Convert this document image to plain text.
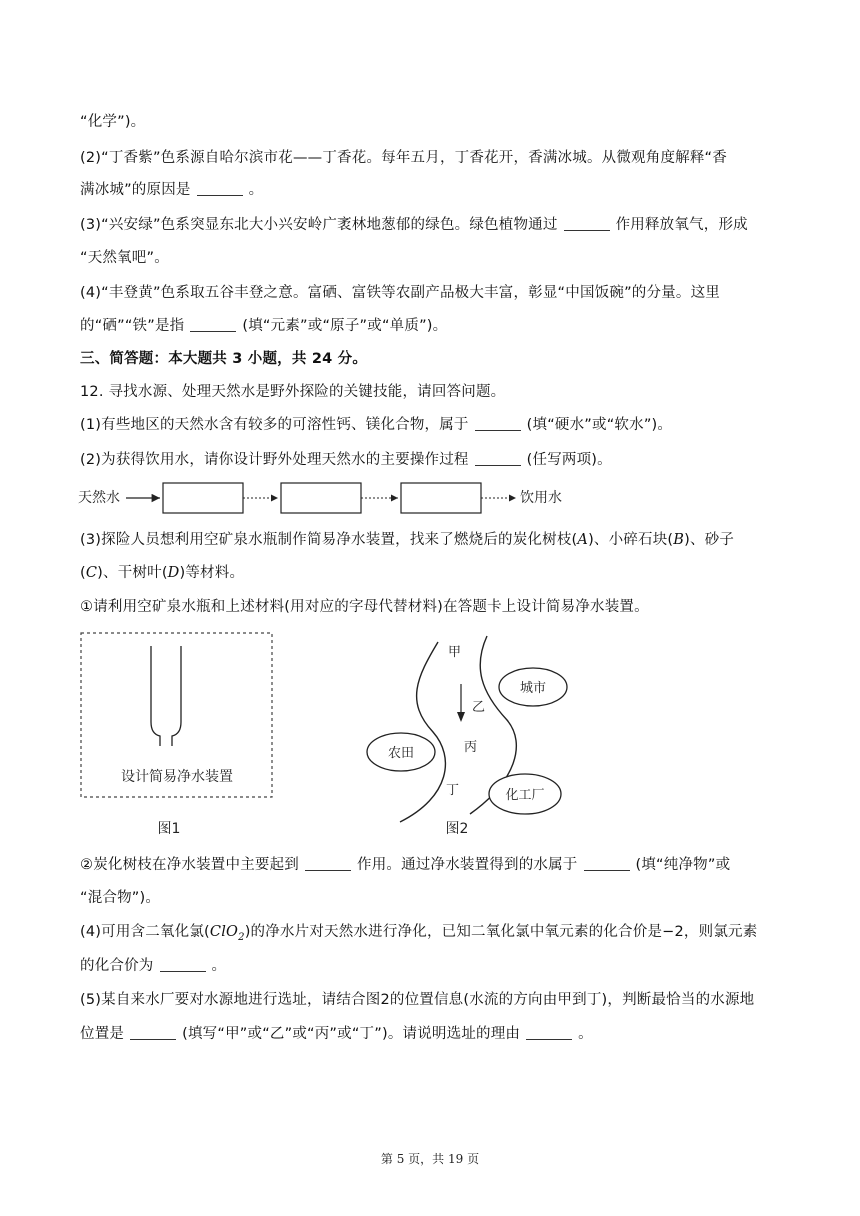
“化学”)。
(2)“丁香紫”色系源自哈尔滨市花——丁香花。每年五月，丁香花开，香满冰城。从微观角度解释“香
满冰城”的原因是	。
(3)“兴安绿”色系突显东北大小兴安岭广袤林地葱郁的绿色。绿色植物通过	作用释放氧气，形成
“天然氧吧”。
(4)“丰登黄”色系取五谷丰登之意。富硒、富铁等农副产品极大丰富，彰显“中国饭碗”的分量。这里
的“硒”“铁”是指	(填“元素”或“原子”或“单质”)。
三、简答题：本大题共 3 小题，共 24 分。
12. 寻找水源、处理天然水是野外探险的关键技能，请回答问题。
(1)有些地区的天然水含有较多的可溶性钙、镁化合物，属于	(填“硬水”或“软水”)。
(2)为获得饮用水，请你设计野外处理天然水的主要操作过程	(任写两项)。
天然水	饮用水
(3)探险人员想利用空矿泉水瓶制作简易净水装置，找来了燃烧后的炭化树枝(A)、小碎石块(B)、砂子
(C)、干树叶(D)等材料。
①请利用空矿泉水瓶和上述材料(用对应的字母代替材料)在答题卡上设计简易净水装置。
设计简易净水装置
图1
甲
乙
丙
丁
城市
农田
化工厂
图2
②炭化树枝在净水装置中主要起到	作用。通过净水装置得到的水属于	(填“纯净物”或
“混合物”)。
(4)可用含二氧化氯(ClO$_2$)的净水片对天然水进行净化，已知二氧化氯中氧元素的化合价是−2，则氯元素
的化合价为	。
(5)某自来水厂要对水源地进行选址，请结合图2的位置信息(水流的方向由甲到丁)，判断最恰当的水源地
位置是	(填写“甲”或“乙”或“丙”或“丁”)。请说明选址的理由	。
第 5 页，共 19 页
